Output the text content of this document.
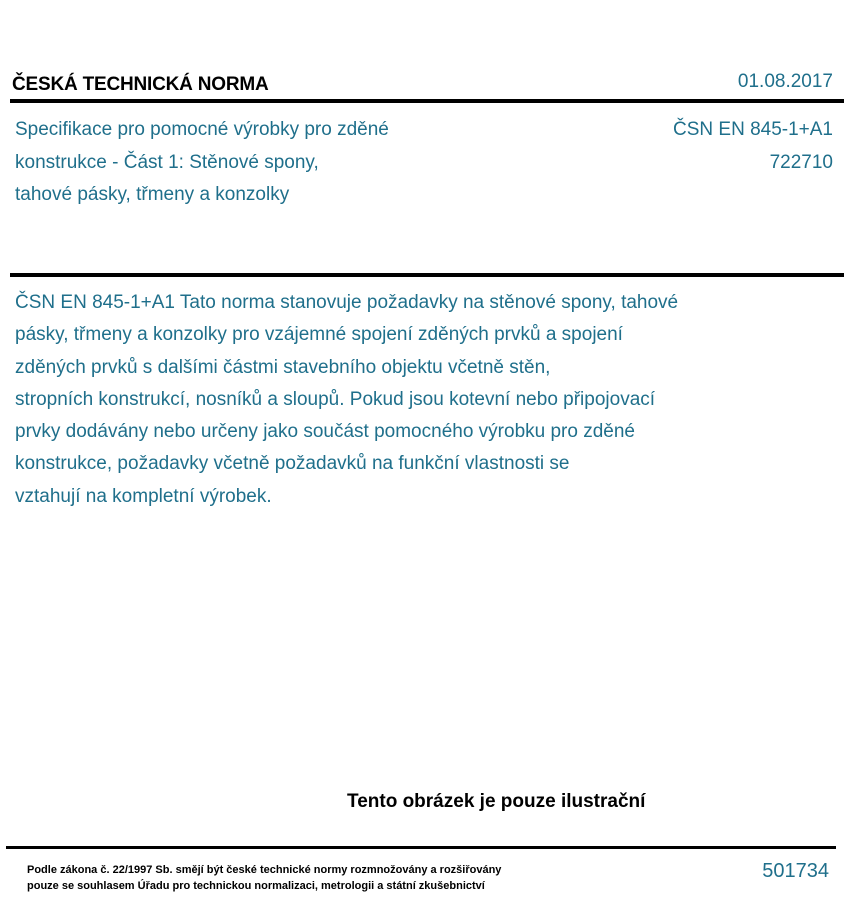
ČESKÁ TECHNICKÁ NORMA	01.08.2017
Specifikace pro pomocné výrobky pro zděné
konstrukce - Část 1: Stěnové spony,
tahové pásky, třmeny a konzolky
ČSN EN 845-1+A1
722710
ČSN EN 845-1+A1 Tato norma stanovuje požadavky na stěnové spony, tahové
pásky, třmeny a konzolky pro vzájemné spojení zděných prvků a spojení
zděných prvků s dalšími částmi stavebního objektu včetně stěn,
stropních konstrukcí, nosníků a sloupů. Pokud jsou kotevní nebo připojovací
prvky dodávány nebo určeny jako součást pomocného výrobku pro zděné
konstrukce, požadavky včetně požadavků na funkční vlastnosti se
vztahují na kompletní výrobek.
Tento obrázek je pouze ilustrační
Podle zákona č. 22/1997 Sb. smějí být české technické normy rozmnožovány a rozšiřovány
pouze se souhlasem Úřadu pro technickou normalizaci, metrologii a státní zkušebnictví
501734
